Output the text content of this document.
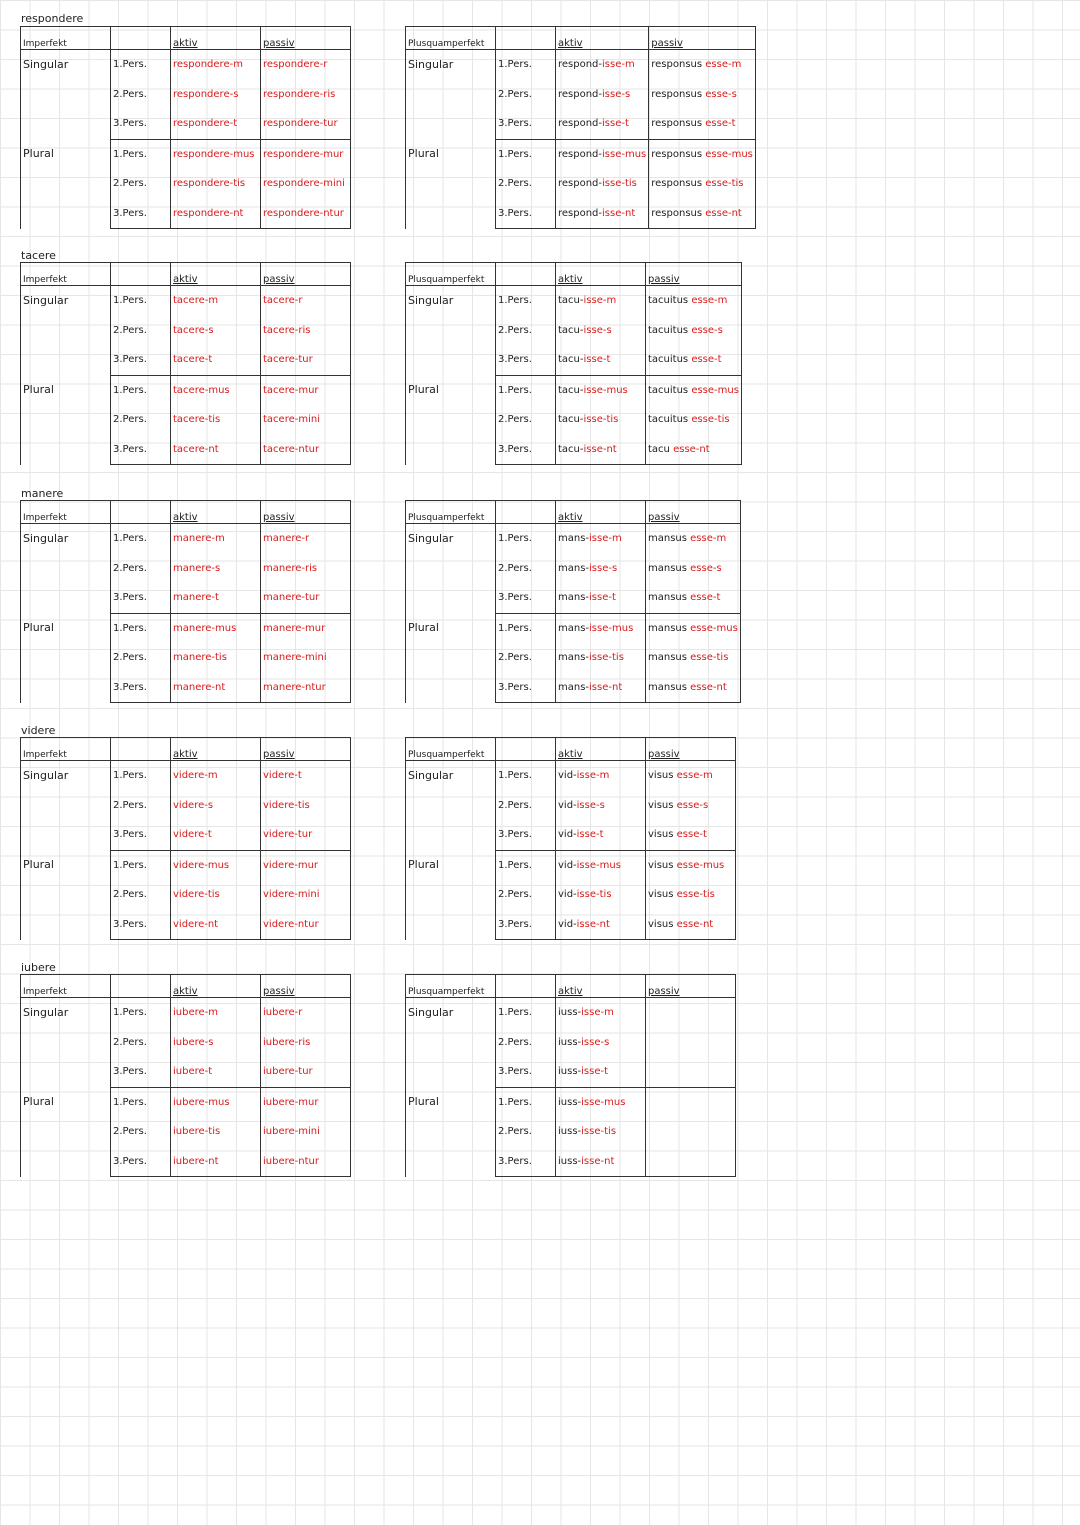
respondere
Imperfekt		aktiv	passiv
Singular	1.Pers.	respondere-m	respondere-r
	2.Pers.	respondere-s	respondere-ris
	3.Pers.	respondere-t	respondere-tur
Plural	1.Pers.	respondere-mus	respondere-mur
	2.Pers.	respondere-tis	respondere-mini
	3.Pers.	respondere-nt	respondere-ntur
Plusquamperfekt		aktiv	passiv
Singular	1.Pers.	respond-isse-m	responsus esse-m
	2.Pers.	respond-isse-s	responsus esse-s
	3.Pers.	respond-isse-t	responsus esse-t
Plural	1.Pers.	respond-isse-mus	responsus esse-mus
	2.Pers.	respond-isse-tis	responsus esse-tis
	3.Pers.	respond-isse-nt	responsus esse-nt
tacere
Imperfekt		aktiv	passiv
Singular	1.Pers.	tacere-m	tacere-r
	2.Pers.	tacere-s	tacere-ris
	3.Pers.	tacere-t	tacere-tur
Plural	1.Pers.	tacere-mus	tacere-mur
	2.Pers.	tacere-tis	tacere-mini
	3.Pers.	tacere-nt	tacere-ntur
Plusquamperfekt		aktiv	passiv
Singular	1.Pers.	tacu-isse-m	tacuitus esse-m
	2.Pers.	tacu-isse-s	tacuitus esse-s
	3.Pers.	tacu-isse-t	tacuitus esse-t
Plural	1.Pers.	tacu-isse-mus	tacuitus esse-mus
	2.Pers.	tacu-isse-tis	tacuitus esse-tis
	3.Pers.	tacu-isse-nt	tacu esse-nt
manere
Imperfekt		aktiv	passiv
Singular	1.Pers.	manere-m	manere-r
	2.Pers.	manere-s	manere-ris
	3.Pers.	manere-t	manere-tur
Plural	1.Pers.	manere-mus	manere-mur
	2.Pers.	manere-tis	manere-mini
	3.Pers.	manere-nt	manere-ntur
Plusquamperfekt		aktiv	passiv
Singular	1.Pers.	mans-isse-m	mansus esse-m
	2.Pers.	mans-isse-s	mansus esse-s
	3.Pers.	mans-isse-t	mansus esse-t
Plural	1.Pers.	mans-isse-mus	mansus esse-mus
	2.Pers.	mans-isse-tis	mansus esse-tis
	3.Pers.	mans-isse-nt	mansus esse-nt
videre
Imperfekt		aktiv	passiv
Singular	1.Pers.	videre-m	videre-t
	2.Pers.	videre-s	videre-tis
	3.Pers.	videre-t	videre-tur
Plural	1.Pers.	videre-mus	videre-mur
	2.Pers.	videre-tis	videre-mini
	3.Pers.	videre-nt	videre-ntur
Plusquamperfekt		aktiv	passiv
Singular	1.Pers.	vid-isse-m	visus esse-m
	2.Pers.	vid-isse-s	visus esse-s
	3.Pers.	vid-isse-t	visus esse-t
Plural	1.Pers.	vid-isse-mus	visus esse-mus
	2.Pers.	vid-isse-tis	visus esse-tis
	3.Pers.	vid-isse-nt	visus esse-nt
iubere
Imperfekt		aktiv	passiv
Singular	1.Pers.	iubere-m	iubere-r
	2.Pers.	iubere-s	iubere-ris
	3.Pers.	iubere-t	iubere-tur
Plural	1.Pers.	iubere-mus	iubere-mur
	2.Pers.	iubere-tis	iubere-mini
	3.Pers.	iubere-nt	iubere-ntur
Plusquamperfekt		aktiv	passiv
Singular	1.Pers.	iuss-isse-m	
	2.Pers.	iuss-isse-s	
	3.Pers.	iuss-isse-t	
Plural	1.Pers.	iuss-isse-mus	
	2.Pers.	iuss-isse-tis	
	3.Pers.	iuss-isse-nt	
